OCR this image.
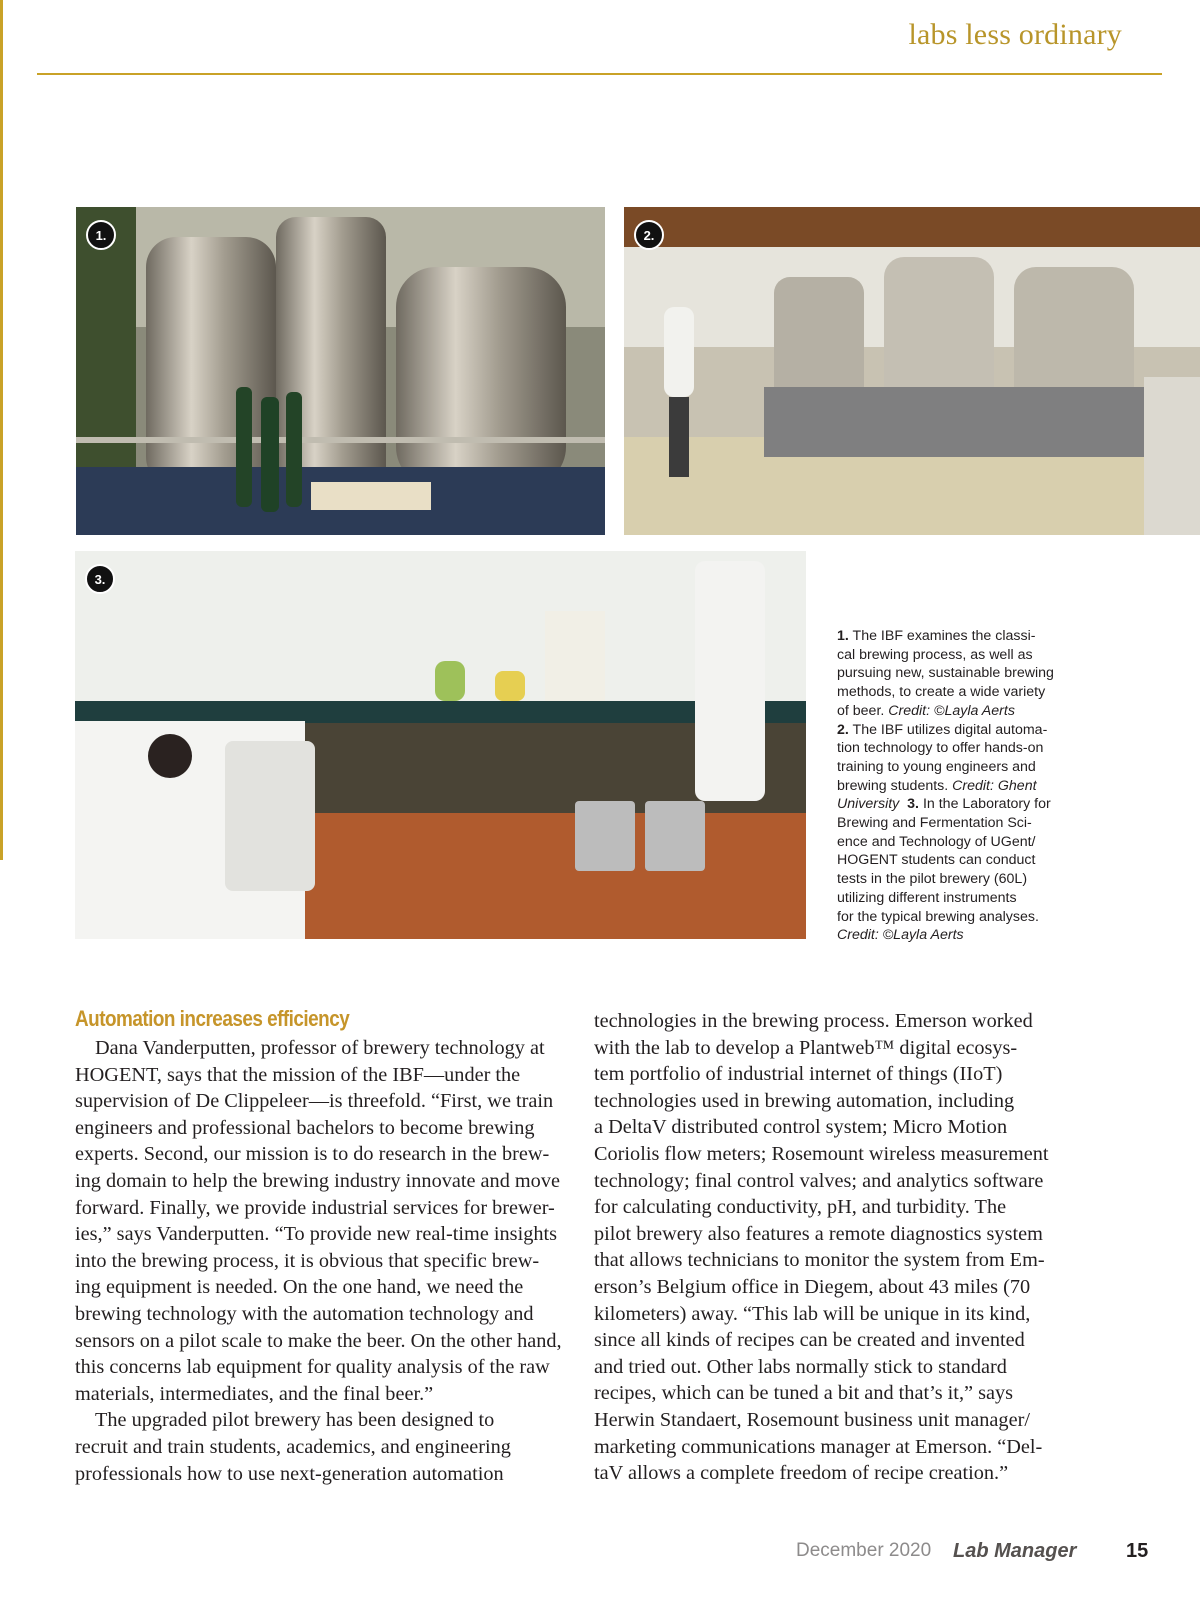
labs less ordinary
1.	2.
3.
1. The IBF examines the classi-
cal brewing process, as well as
pursuing new, sustainable brewing
methods, to create a wide variety
of beer. Credit: ©Layla Aerts
2. The IBF utilizes digital automa-
tion technology to offer hands-on
training to young engineers and
brewing students. Credit: Ghent
University 3. In the Laboratory for
Brewing and Fermentation Sci-
ence and Technology of UGent/
HOGENT students can conduct
tests in the pilot brewery (60L)
utilizing different instruments
for the typical brewing analyses.
Credit: ©Layla Aerts
Automation increases efficiency
Dana Vanderputten, professor of brewery technology at
HOGENT, says that the mission of the IBF—under the
supervision of De Clippeleer—is threefold. “First, we train
engineers and professional bachelors to become brewing
experts. Second, our mission is to do research in the brew-
ing domain to help the brewing industry innovate and move
forward. Finally, we provide industrial services for brewer-
ies,” says Vanderputten. “To provide new real-time insights
into the brewing process, it is obvious that specific brew-
ing equipment is needed. On the one hand, we need the
brewing technology with the automation technology and
sensors on a pilot scale to make the beer. On the other hand,
this concerns lab equipment for quality analysis of the raw
materials, intermediates, and the final beer.”
The upgraded pilot brewery has been designed to
recruit and train students, academics, and engineering
professionals how to use next-generation automation
technologies in the brewing process. Emerson worked
with the lab to develop a Plantweb™ digital ecosys-
tem portfolio of industrial internet of things (IIoT)
technologies used in brewing automation, including
a DeltaV distributed control system; Micro Motion
Coriolis flow meters; Rosemount wireless measurement
technology; final control valves; and analytics software
for calculating conductivity, pH, and turbidity. The
pilot brewery also features a remote diagnostics system
that allows technicians to monitor the system from Em-
erson’s Belgium office in Diegem, about 43 miles (70
kilometers) away. “This lab will be unique in its kind,
since all kinds of recipes can be created and invented
and tried out. Other labs normally stick to standard
recipes, which can be tuned a bit and that’s it,” says
Herwin Standaert, Rosemount business unit manager/
marketing communications manager at Emerson. “Del-
taV allows a complete freedom of recipe creation.”
December 2020 Lab Manager 15
